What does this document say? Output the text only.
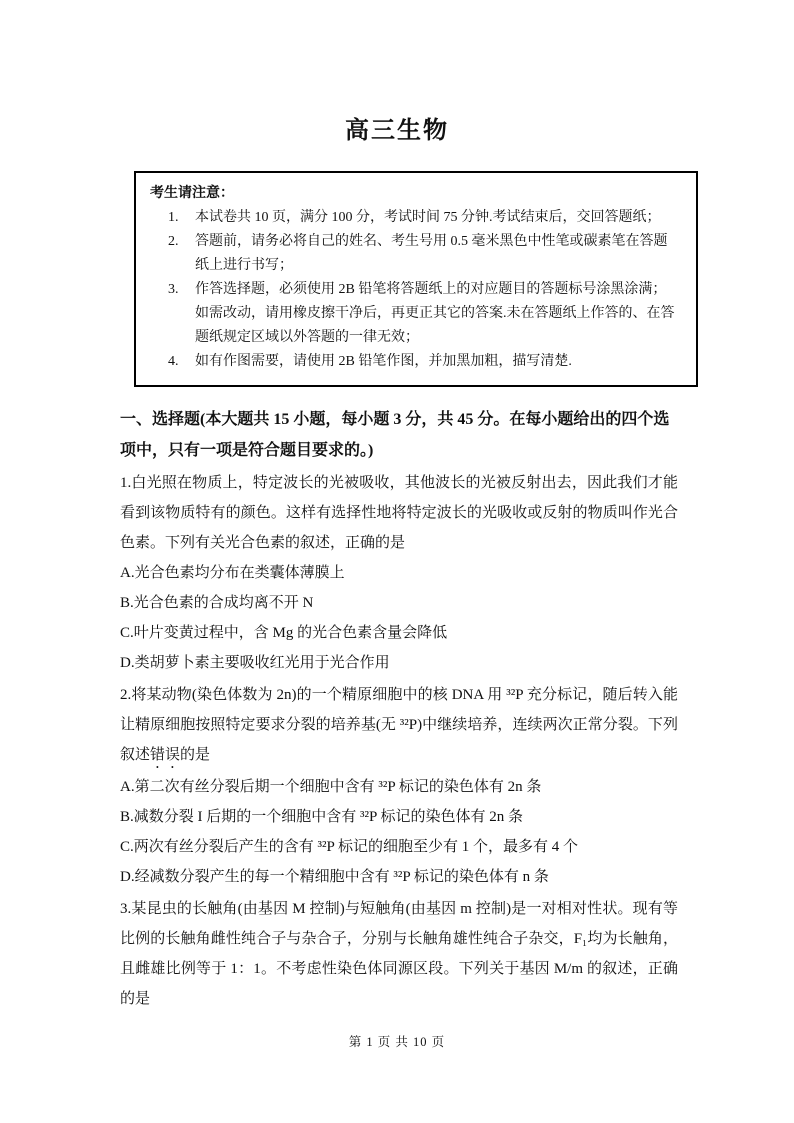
高三生物
考生请注意：
1.	本试卷共 10 页，满分 100 分，考试时间 75 分钟.考试结束后，交回答题纸；
2.	答题前，请务必将自己的姓名、考生号用 0.5 毫米黑色中性笔或碳素笔在答题纸上进行书写；
3.	作答选择题，必须使用 2B 铅笔将答题纸上的对应题目的答题标号涂黑涂满；如需改动，请用橡皮擦干净后，再更正其它的答案.未在答题纸上作答的、在答题纸规定区域以外答题的一律无效；
4.	如有作图需要，请使用 2B 铅笔作图，并加黑加粗，描写清楚.

一、选择题(本大题共 15 小题，每小题 3 分，共 45 分。在每小题给出的四个选项中，只有一项是符合题目要求的。)

1.白光照在物质上，特定波长的光被吸收，其他波长的光被反射出去，因此我们才能看到该物质特有的颜色。这样有选择性地将特定波长的光吸收或反射的物质叫作光合色素。下列有关光合色素的叙述，正确的是

A.光合色素均分布在类囊体薄膜上

B.光合色素的合成均离不开 N

C.叶片变黄过程中，含 Mg 的光合色素含量会降低

D.类胡萝卜素主要吸收红光用于光合作用

2.将某动物(染色体数为 2n)的一个精原细胞中的核 DNA 用 ³²P 充分标记，随后转入能让精原细胞按照特定要求分裂的培养基(无 ³²P)中继续培养，连续两次正常分裂。下列叙述错误的是

A.第二次有丝分裂后期一个细胞中含有 ³²P 标记的染色体有 2n 条

B.减数分裂 I 后期的一个细胞中含有 ³²P 标记的染色体有 2n 条

C.两次有丝分裂后产生的含有 ³²P 标记的细胞至少有 1 个，最多有 4 个

D.经减数分裂产生的每一个精细胞中含有 ³²P 标记的染色体有 n 条

3.某昆虫的长触角(由基因 M 控制)与短触角(由基因 m 控制)是一对相对性状。现有等比例的长触角雌性纯合子与杂合子，分别与长触角雄性纯合子杂交，F₁均为长触角，且雌雄比例等于 1：1。不考虑性染色体同源区段。下列关于基因 M/m 的叙述，正确的是

第 1 页 共 10 页
